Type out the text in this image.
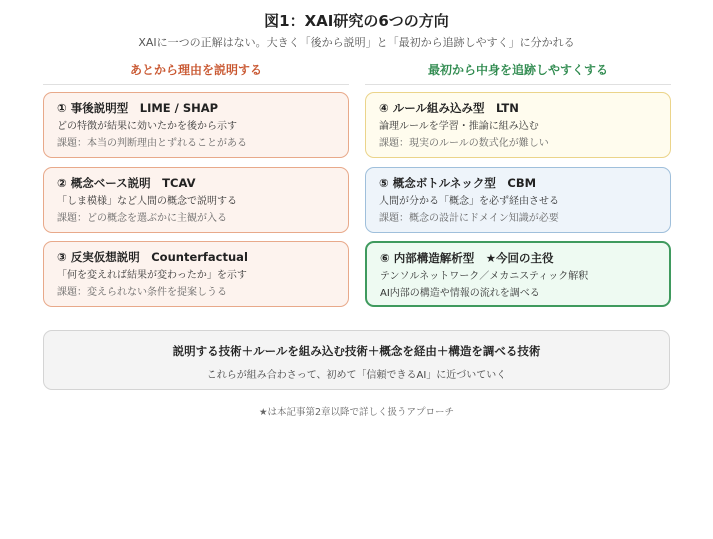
図1：XAI研究の6つの方向
XAIに一つの正解はない。大きく「後から説明」と「最初から追跡しやすく」に分かれる
あとから理由を説明する	最初から中身を追跡しやすくする
① 事後説明型　LIME / SHAP
どの特徴が結果に効いたかを後から示す
課題：本当の判断理由とずれることがある
② 概念ベース説明　TCAV
「しま模様」など人間の概念で説明する
課題：どの概念を選ぶかに主観が入る
③ 反実仮想説明　Counterfactual
「何を変えれば結果が変わったか」を示す
課題：変えられない条件を提案しうる
④ ルール組み込み型　LTN
論理ルールを学習・推論に組み込む
課題：現実のルールの数式化が難しい
⑤ 概念ボトルネック型　CBM
人間が分かる「概念」を必ず経由させる
課題：概念の設計にドメイン知識が必要
⑥ 内部構造解析型　★今回の主役
テンソルネットワーク／メカニスティック解釈
AI内部の構造や情報の流れを調べる
説明する技術＋ルールを組み込む技術＋概念を経由＋構造を調べる技術
これらが組み合わさって、初めて「信頼できるAI」に近づいていく
★は本記事第2章以降で詳しく扱うアプローチ
